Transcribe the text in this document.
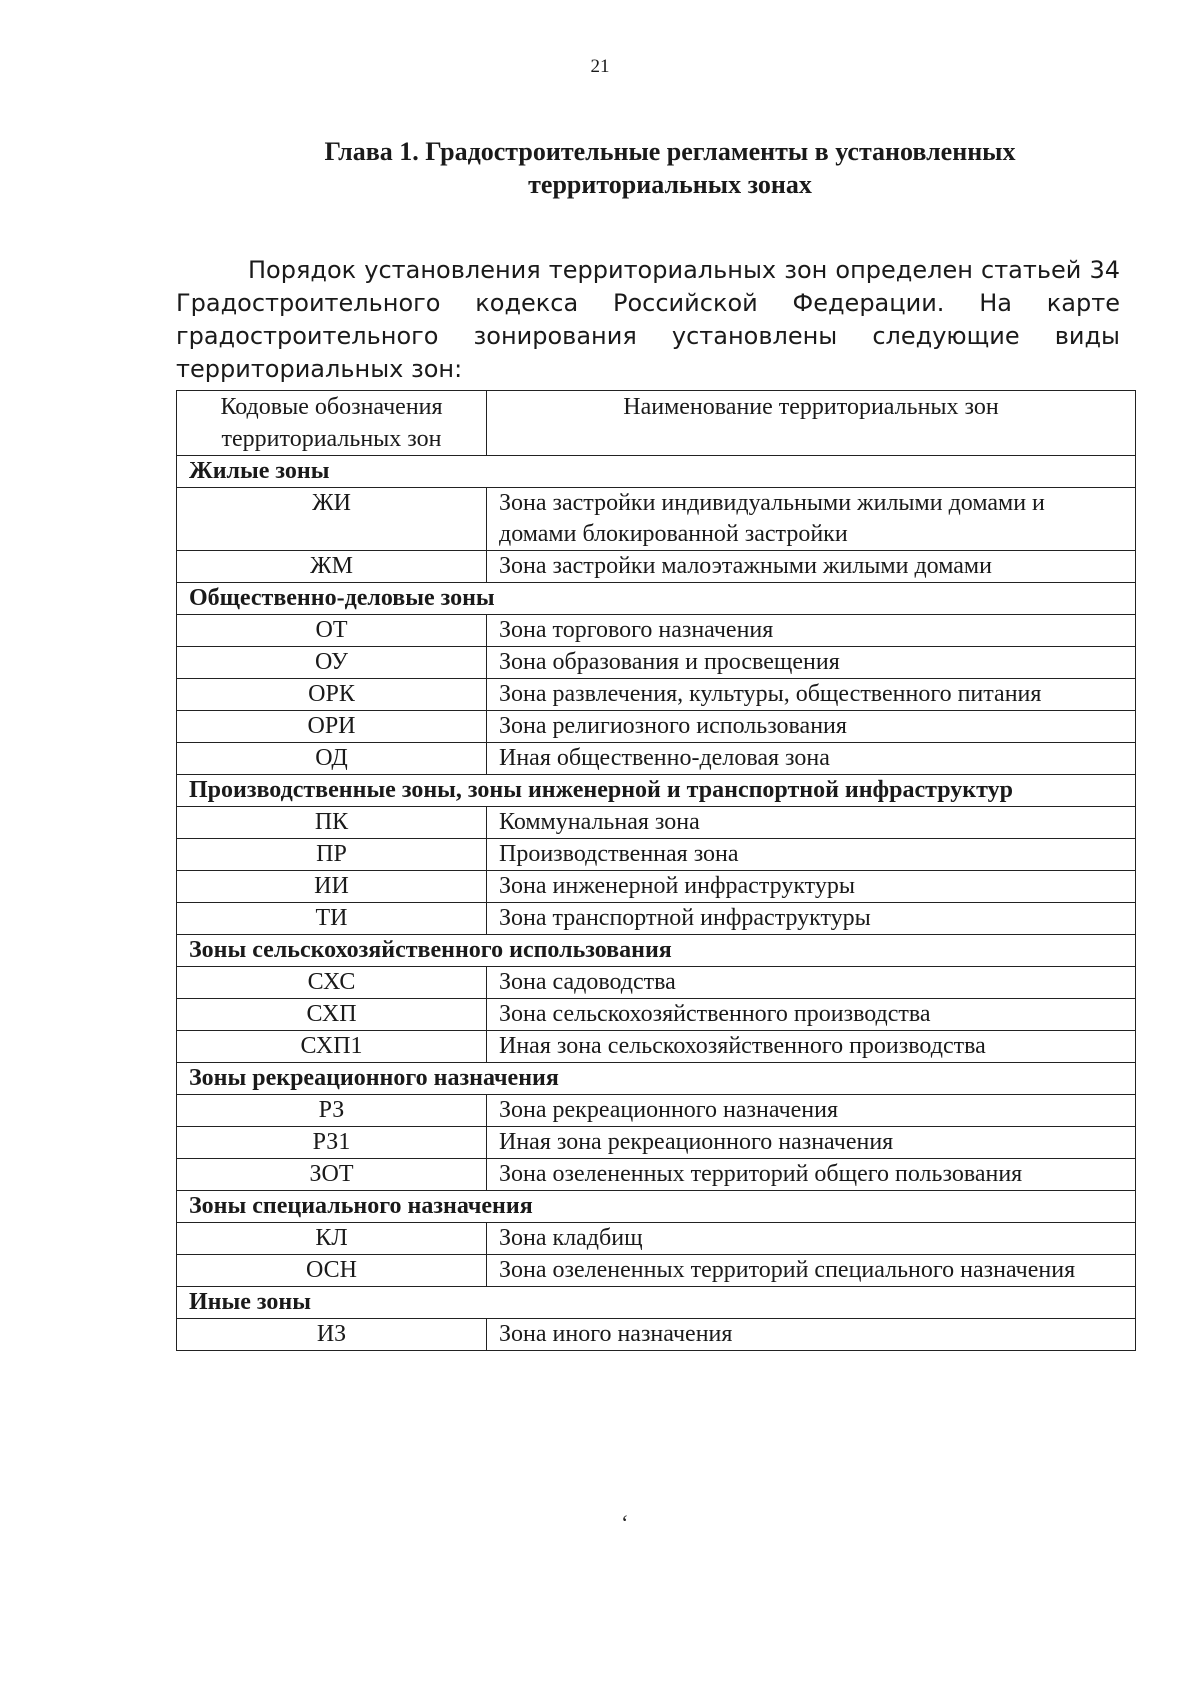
21
Глава 1. Градостроительные регламенты в установленных территориальных зонах

Порядок установления территориальных зон определен статьей 34 Градостроительного кодекса Российской Федерации. На карте градостроительного зонирования установлены следующие виды территориальных зон:

Кодовые обозначения территориальных зон	Наименование территориальных зон
Жилые зоны	
ЖИ	Зона застройки индивидуальными жилыми домами и домами блокированной застройки
ЖМ	Зона застройки малоэтажными жилыми домами
Общественно-деловые зоны	
ОТ	Зона торгового назначения
ОУ	Зона образования и просвещения
ОРК	Зона развлечения, культуры, общественного питания
ОРИ	Зона религиозного использования
ОД	Иная общественно-деловая зона
Производственные зоны, зоны инженерной и транспортной инфраструктур	
ПК	Коммунальная зона
ПР	Производственная зона
ИИ	Зона инженерной инфраструктуры
ТИ	Зона транспортной инфраструктуры
Зоны сельскохозяйственного использования	
СХС	Зона садоводства
СХП	Зона сельскохозяйственного производства
СХП1	Иная зона сельскохозяйственного производства
Зоны рекреационного назначения	
РЗ	Зона рекреационного назначения
РЗ1	Иная зона рекреационного назначения
ЗОТ	Зона озелененных территорий общего пользования
Зоны специального назначения	
КЛ	Зона кладбищ
ОСН	Зона озелененных территорий специального назначения
Иные зоны	
ИЗ	Зона иного назначения
ʻ
